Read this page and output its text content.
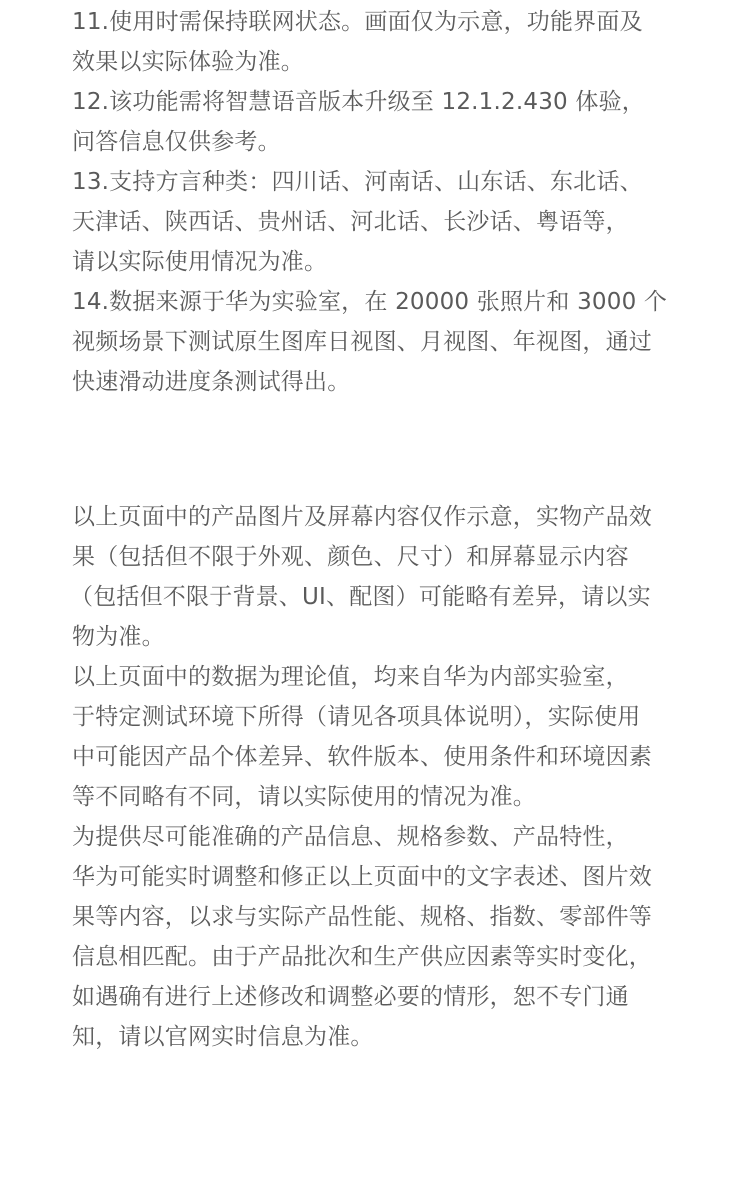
11.使用时需保持联网状态。画面仅为示意，功能界面及
效果以实际体验为准。

12.该功能需将智慧语音版本升级至 12.1.2.430 体验，
问答信息仅供参考。

13.支持方言种类：四川话、河南话、山东话、东北话、
天津话、陕西话、贵州话、河北话、长沙话、粤语等，
请以实际使用情况为准。

14.数据来源于华为实验室，在 20000 张照片和 3000 个
视频场景下测试原生图库日视图、月视图、年视图，通过
快速滑动进度条测试得出。

以上页面中的产品图片及屏幕内容仅作示意，实物产品效
果（包括但不限于外观、颜色、尺寸）和屏幕显示内容
（包括但不限于背景、UI、配图）可能略有差异，请以实
物为准。

以上页面中的数据为理论值，均来自华为内部实验室，
于特定测试环境下所得（请见各项具体说明），实际使用
中可能因产品个体差异、软件版本、使用条件和环境因素
等不同略有不同，请以实际使用的情况为准。

为提供尽可能准确的产品信息、规格参数、产品特性，
华为可能实时调整和修正以上页面中的文字表述、图片效
果等内容，以求与实际产品性能、规格、指数、零部件等
信息相匹配。由于产品批次和生产供应因素等实时变化，
如遇确有进行上述修改和调整必要的情形，恕不专门通
知，请以官网实时信息为准。
